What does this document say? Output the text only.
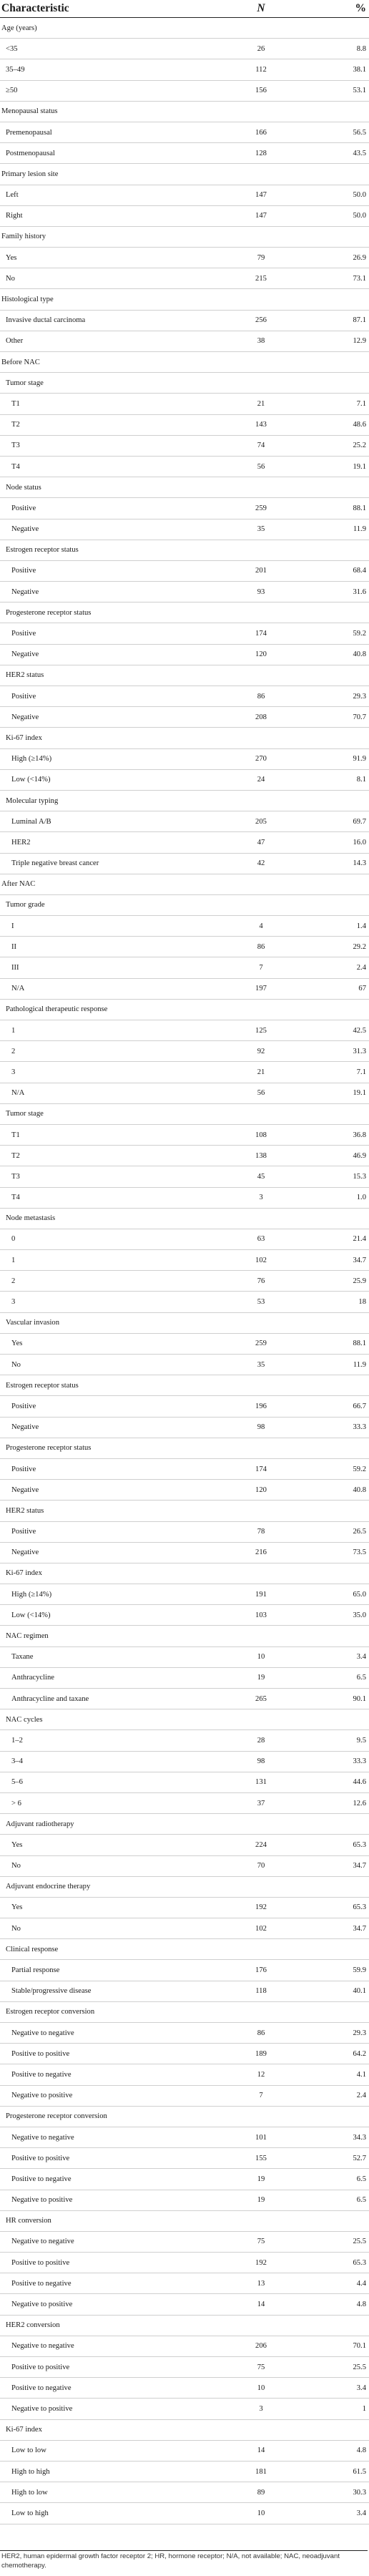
Characteristic	N	%
Age (years)		
<35	26	8.8
35–49	112	38.1
≥50	156	53.1
Menopausal status		
Premenopausal	166	56.5
Postmenopausal	128	43.5
Primary lesion site		
Left	147	50.0
Right	147	50.0
Family history		
Yes	79	26.9
No	215	73.1
Histological type		
Invasive ductal carcinoma	256	87.1
Other	38	12.9
Before NAC		
Tumor stage		
T1	21	7.1
T2	143	48.6
T3	74	25.2
T4	56	19.1
Node status		
Positive	259	88.1
Negative	35	11.9
Estrogen receptor status		
Positive	201	68.4
Negative	93	31.6
Progesterone receptor status		
Positive	174	59.2
Negative	120	40.8
HER2 status		
Positive	86	29.3
Negative	208	70.7
Ki-67 index		
High (≥14%)	270	91.9
Low (<14%)	24	8.1
Molecular typing		
Luminal A/B	205	69.7
HER2	47	16.0
Triple negative breast cancer	42	14.3
After NAC		
Tumor grade		
I	4	1.4
II	86	29.2
III	7	2.4
N/A	197	67
Pathological therapeutic response		
1	125	42.5
2	92	31.3
3	21	7.1
N/A	56	19.1
Tumor stage		
T1	108	36.8
T2	138	46.9
T3	45	15.3
T4	3	1.0
Node metastasis		
0	63	21.4
1	102	34.7
2	76	25.9
3	53	18
Vascular invasion		
Yes	259	88.1
No	35	11.9
Estrogen receptor status		
Positive	196	66.7
Negative	98	33.3
Progesterone receptor status		
Positive	174	59.2
Negative	120	40.8
HER2 status		
Positive	78	26.5
Negative	216	73.5
Ki-67 index		
High (≥14%)	191	65.0
Low (<14%)	103	35.0
NAC regimen		
Taxane	10	3.4
Anthracycline	19	6.5
Anthracycline and taxane	265	90.1
NAC cycles		
1–2	28	9.5
3–4	98	33.3
5–6	131	44.6
> 6	37	12.6
Adjuvant radiotherapy		
Yes	224	65.3
No	70	34.7
Adjuvant endocrine therapy		
Yes	192	65.3
No	102	34.7
Clinical response		
Partial response	176	59.9
Stable/progressive disease	118	40.1
Estrogen receptor conversion		
Negative to negative	86	29.3
Positive to positive	189	64.2
Positive to negative	12	4.1
Negative to positive	7	2.4
Progesterone receptor conversion		
Negative to negative	101	34.3
Positive to positive	155	52.7
Positive to negative	19	6.5
Negative to positive	19	6.5
HR conversion		
Negative to negative	75	25.5
Positive to positive	192	65.3
Positive to negative	13	4.4
Negative to positive	14	4.8
HER2 conversion		
Negative to negative	206	70.1
Positive to positive	75	25.5
Positive to negative	10	3.4
Negative to positive	3	1
Ki-67 index		
Low to low	14	4.8
High to high	181	61.5
High to low	89	30.3
Low to high	10	3.4
HER2, human epidermal growth factor receptor 2; HR, hormone receptor; N/A, not available; NAC, neoadjuvant chemotherapy.
